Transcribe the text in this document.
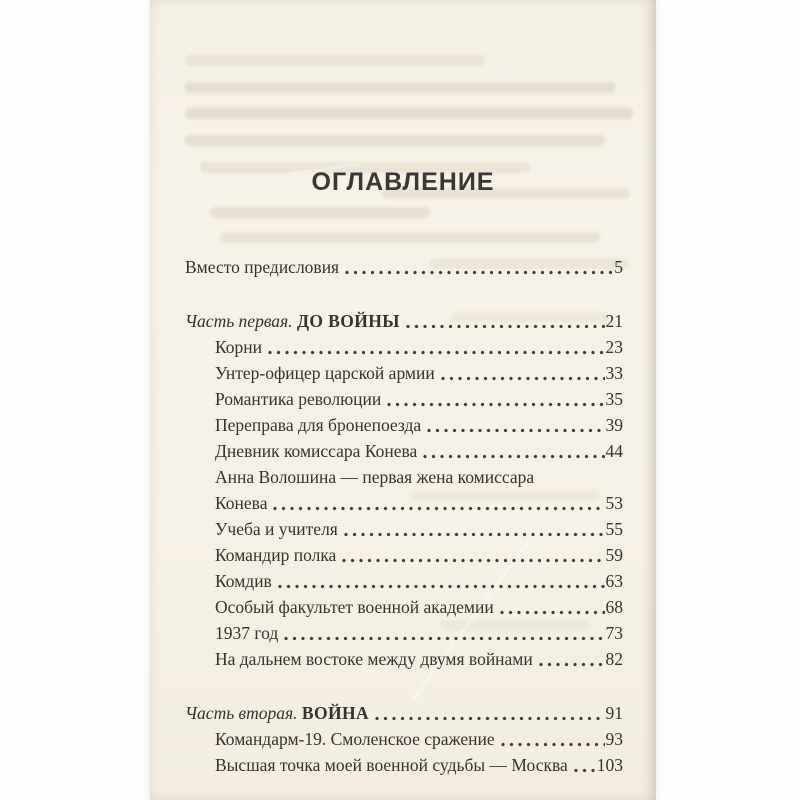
ОГЛАВЛЕНИЕ
Вместо предисловия	5
Часть первая. ДО ВОЙНЫ	21
Корни	23
Унтер-офицер царской армии	33
Романтика революции	35
Переправа для бронепоезда	39
Дневник комиссара Конева	44
Анна Волошина — первая жена комиссара
Конева	53
Учеба и учителя	55
Командир полка	59
Комдив	63
Особый факультет военной академии	68
1937 год	73
На дальнем востоке между двумя войнами	82
Часть вторая. ВОЙНА	91
Командарм-19. Смоленское сражение	93
Высшая точка моей военной судьбы — Москва 103
